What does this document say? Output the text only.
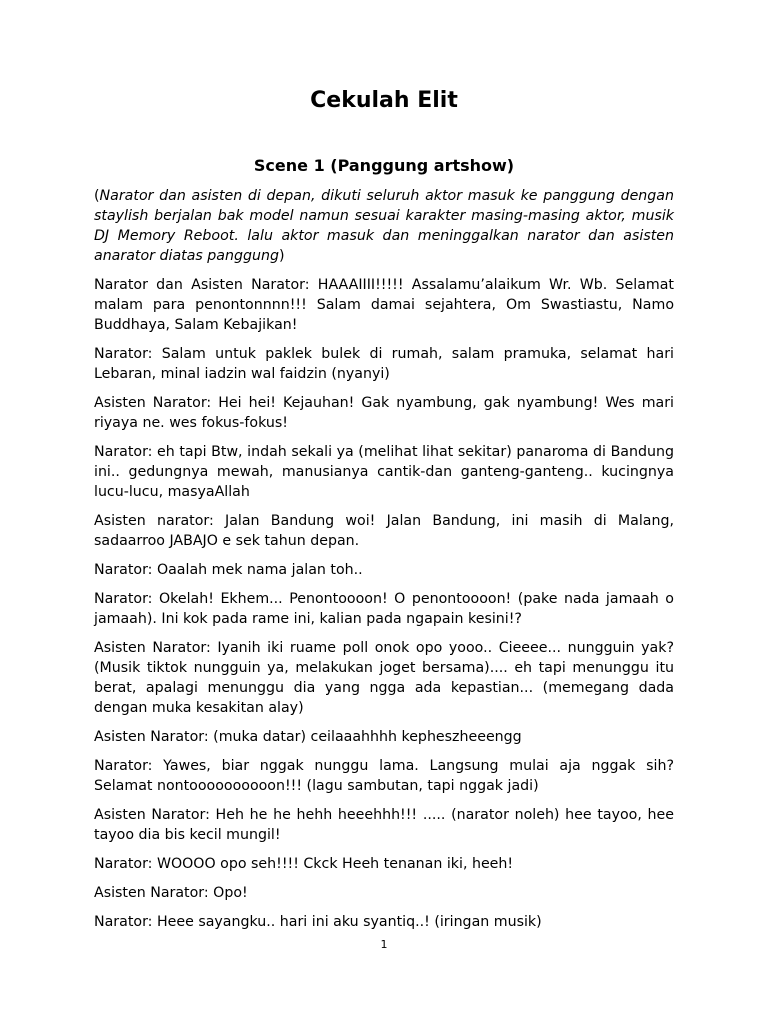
Cekulah Elit
Scene 1 (Panggung artshow)

(Narator dan asisten di depan, dikuti seluruh aktor masuk ke panggung dengan staylish berjalan bak model namun sesuai karakter masing-masing aktor, musik DJ Memory Reboot. lalu aktor masuk dan meninggalkan narator dan asisten anarator diatas panggung)

Narator dan Asisten Narator: HAAAIIII!!!!! Assalamu’alaikum Wr. Wb. Selamat malam para penontonnnn!!! Salam damai sejahtera, Om Swastiastu, Namo Buddhaya, Salam Kebajikan!

Narator: Salam untuk paklek bulek di rumah, salam pramuka, selamat hari Lebaran, minal iadzin wal faidzin (nyanyi)

Asisten Narator: Hei hei! Kejauhan! Gak nyambung, gak nyambung! Wes mari riyaya ne. wes fokus-fokus!

Narator: eh tapi Btw, indah sekali ya (melihat lihat sekitar) panaroma di Bandung ini.. gedungnya mewah, manusianya cantik-dan ganteng-ganteng.. kucingnya lucu-lucu, masyaAllah

Asisten narator: Jalan Bandung woi! Jalan Bandung, ini masih di Malang, sadaarroo JABAJO e sek tahun depan.

Narator: Oaalah mek nama jalan toh..

Narator: Okelah! Ekhem... Penontoooon! O penontoooon! (pake nada jamaah o jamaah). Ini kok pada rame ini, kalian pada ngapain kesini!?

Asisten Narator: Iyanih iki ruame poll onok opo yooo.. Cieeee... nungguin yak? (Musik tiktok nungguin ya, melakukan joget bersama).... eh tapi menunggu itu berat, apalagi menunggu dia yang ngga ada kepastian... (memegang dada dengan muka kesakitan alay)

Asisten Narator: (muka datar) ceilaaahhhh kepheszheeengg

Narator: Yawes, biar nggak nunggu lama. Langsung mulai aja nggak sih? Selamat nontoooooooooon!!! (lagu sambutan, tapi nggak jadi)

Asisten Narator: Heh he he hehh heeehhh!!! ..... (narator noleh) hee tayoo, hee tayoo dia bis kecil mungil!

Narator: WOOOO opo seh!!!! Ckck Heeh tenanan iki, heeh!

Asisten Narator: Opo!

Narator: Heee sayangku.. hari ini aku syantiq..! (iringan musik)

1
